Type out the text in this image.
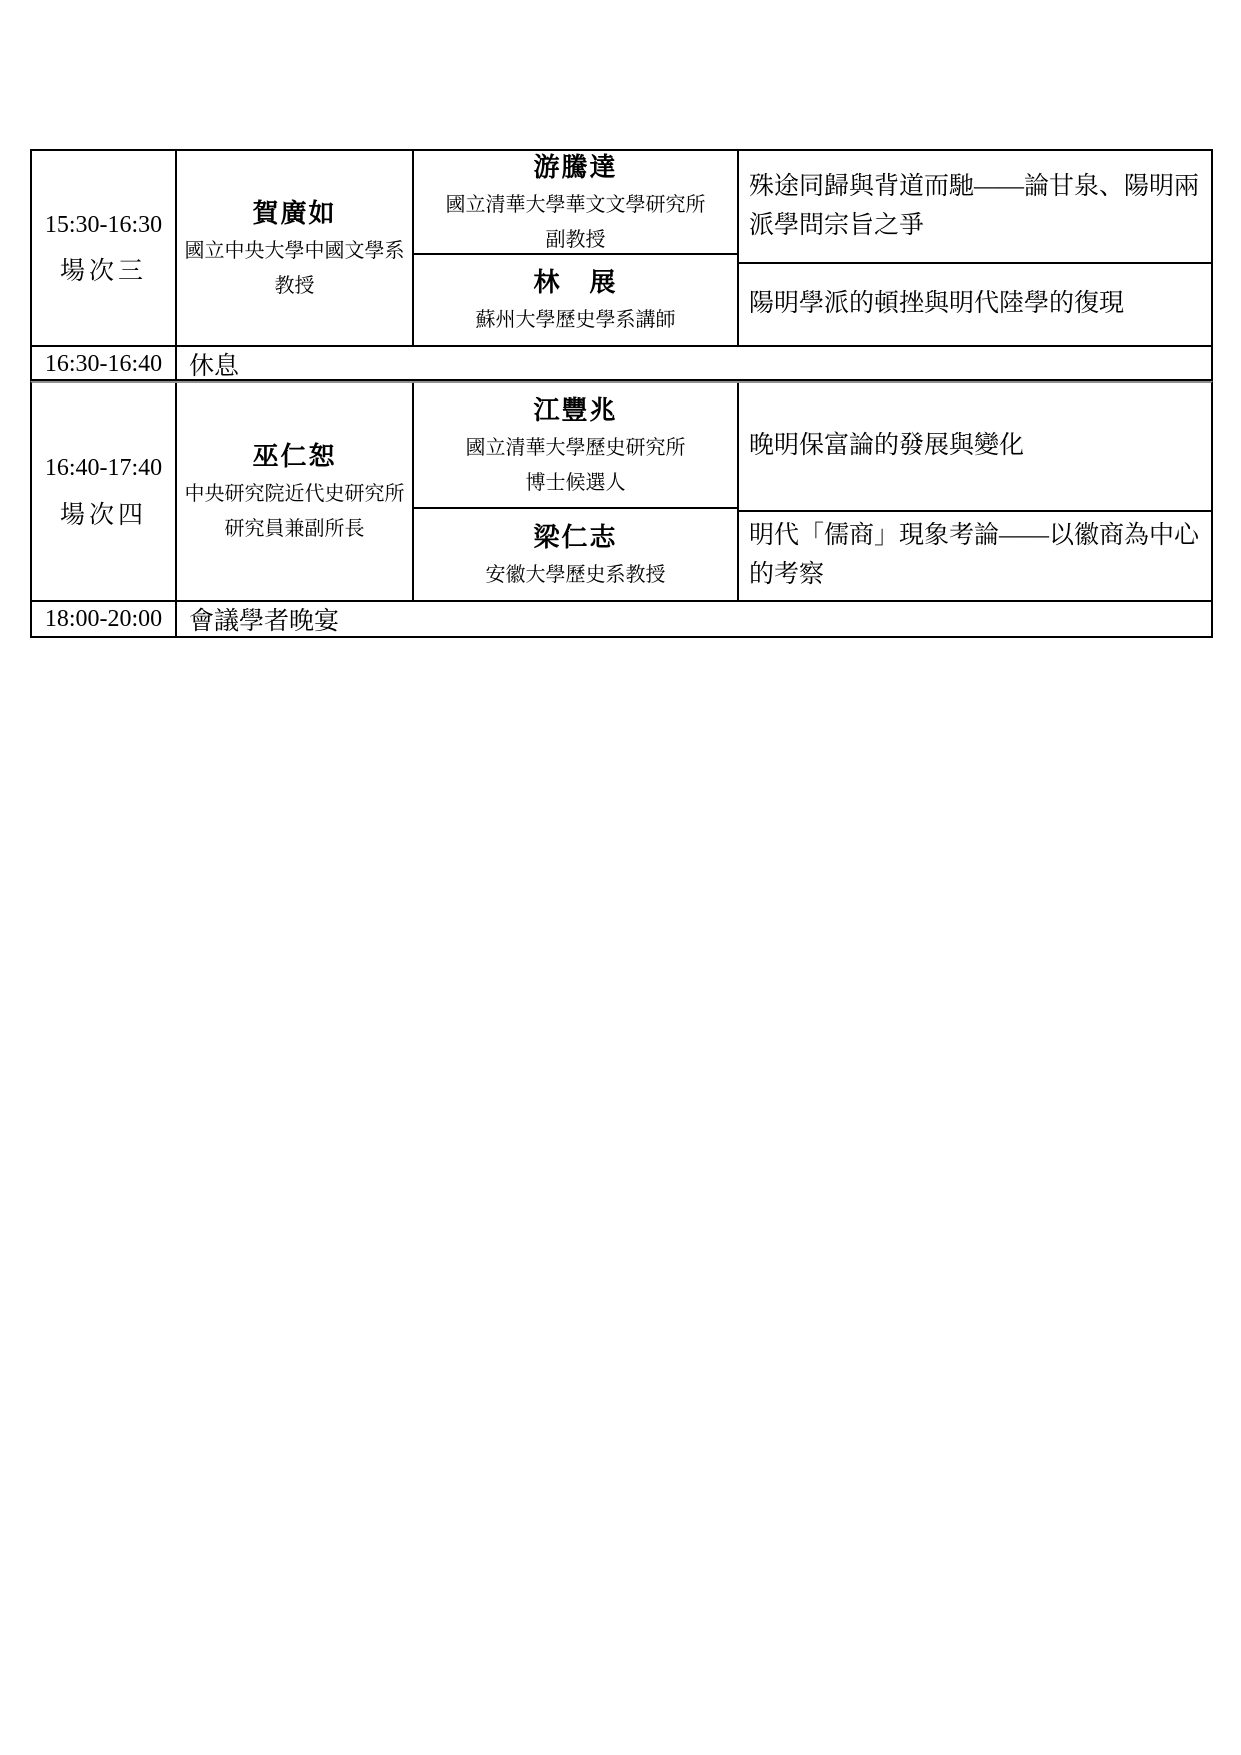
15:30-16:30
場次三
賀廣如
國立中央大學中國文學系
教授
游騰達
國立清華大學華文文學研究所
副教授
林　展
蘇州大學歷史學系講師
殊途同歸與背道而馳——論甘泉、陽明兩派學問宗旨之爭
陽明學派的頓挫與明代陸學的復現
16:30-16:40	休息
16:40-17:40
場次四
巫仁恕
中央研究院近代史研究所
研究員兼副所長
江豐兆
國立清華大學歷史研究所
博士候選人
梁仁志
安徽大學歷史系教授
晚明保富論的發展與變化
明代「儒商」現象考論——以徽商為中心的考察
18:00-20:00	會議學者晚宴
